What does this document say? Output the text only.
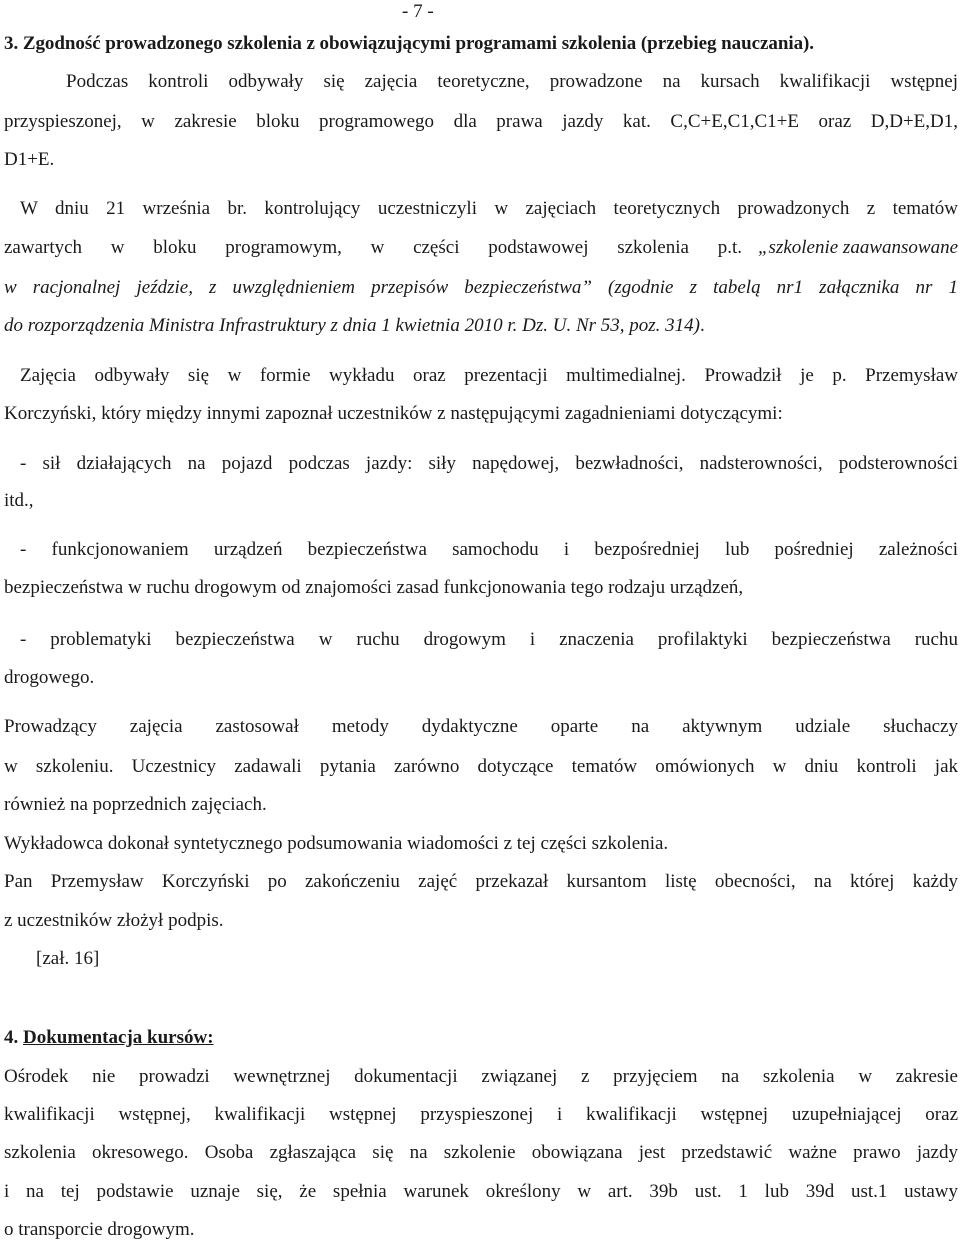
- 7 -
3. Zgodność prowadzonego szkolenia z obowiązującymi programami szkolenia (przebieg nauczania).
Podczas kontroli odbywały się zajęcia teoretyczne, prowadzone na kursach kwalifikacji wstępnej
przyspieszonej, w zakresie bloku programowego dla prawa jazdy kat. C,C+E,C1,C1+E oraz D,D+E,D1,
D1+E.
W dniu 21 września br. kontrolujący uczestniczyli w zajęciach teoretycznych prowadzonych z tematów
zawartych w bloku programowym, w części podstawowej szkolenia p.t. „szkolenie zaawansowane
w racjonalnej jeździe, z uwzględnieniem przepisów bezpieczeństwa” (zgodnie z tabelą nr1 załącznika nr 1
do rozporządzenia Ministra Infrastruktury z dnia 1 kwietnia 2010 r. Dz. U. Nr 53, poz. 314).
Zajęcia odbywały się w formie wykładu oraz prezentacji multimedialnej. Prowadził je p. Przemysław
Korczyński, który między innymi zapoznał uczestników z następującymi zagadnieniami dotyczącymi:
- sił działających na pojazd podczas jazdy: siły napędowej, bezwładności, nadsterowności, podsterowności
itd.,
- funkcjonowaniem urządzeń bezpieczeństwa samochodu i bezpośredniej lub pośredniej zależności
bezpieczeństwa w ruchu drogowym od znajomości zasad funkcjonowania tego rodzaju urządzeń,
- problematyki bezpieczeństwa w ruchu drogowym i znaczenia profilaktyki bezpieczeństwa ruchu
drogowego.
Prowadzący zajęcia zastosował metody dydaktyczne oparte na aktywnym udziale słuchaczy
w szkoleniu. Uczestnicy zadawali pytania zarówno dotyczące tematów omówionych w dniu kontroli jak
również na poprzednich zajęciach.
Wykładowca dokonał syntetycznego podsumowania wiadomości z tej części szkolenia.
Pan Przemysław Korczyński po zakończeniu zajęć przekazał kursantom listę obecności, na której każdy
z uczestników złożył podpis.
[zał. 16]
4. Dokumentacja kursów:
Ośrodek nie prowadzi wewnętrznej dokumentacji związanej z przyjęciem na szkolenia w zakresie
kwalifikacji wstępnej, kwalifikacji wstępnej przyspieszonej i kwalifikacji wstępnej uzupełniającej oraz
szkolenia okresowego. Osoba zgłaszająca się na szkolenie obowiązana jest przedstawić ważne prawo jazdy
i na tej podstawie uznaje się, że spełnia warunek określony w art. 39b ust. 1 lub 39d ust.1 ustawy
o transporcie drogowym.
